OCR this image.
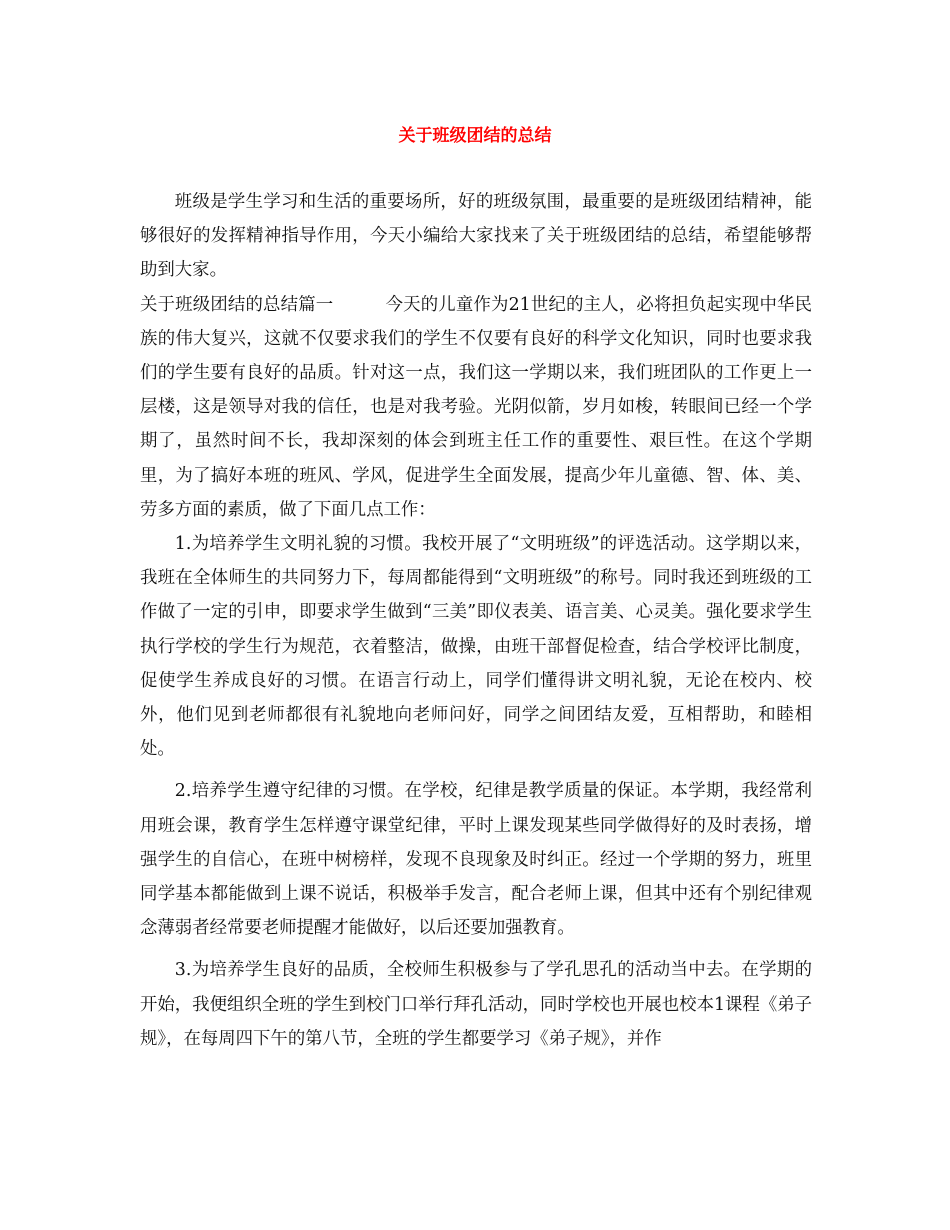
关于班级团结的总结

班级是学生学习和生活的重要场所，好的班级氛围，最重要的是班级团结精神，能够很好的发挥精神指导作用，今天小编给大家找来了关于班级团结的总结，希望能够帮助到大家。

关于班级团结的总结篇一	今天的儿童作为21世纪的主人，必将担负起实现中华民族的伟大复兴，这就不仅要求我们的学生不仅要有良好的科学文化知识，同时也要求我们的学生要有良好的品质。针对这一点，我们这一学期以来，我们班团队的工作更上一层楼，这是领导对我的信任，也是对我考验。光阴似箭，岁月如梭，转眼间已经一个学期了，虽然时间不长，我却深刻的体会到班主任工作的重要性、艰巨性。在这个学期里，为了搞好本班的班风、学风，促进学生全面发展，提高少年儿童德、智、体、美、劳多方面的素质，做了下面几点工作：

1.为培养学生文明礼貌的习惯。我校开展了“文明班级”的评选活动。这学期以来，我班在全体师生的共同努力下，每周都能得到“文明班级”的称号。同时我还到班级的工作做了一定的引申，即要求学生做到“三美”即仪表美、语言美、心灵美。强化要求学生执行学校的学生行为规范，衣着整洁，做操，由班干部督促检查，结合学校评比制度，促使学生养成良好的习惯。在语言行动上，同学们懂得讲文明礼貌，无论在校内、校外，他们见到老师都很有礼貌地向老师问好，同学之间团结友爱，互相帮助，和睦相处。

2.培养学生遵守纪律的习惯。在学校，纪律是教学质量的保证。本学期，我经常利用班会课，教育学生怎样遵守课堂纪律，平时上课发现某些同学做得好的及时表扬，增强学生的自信心，在班中树榜样，发现不良现象及时纠正。经过一个学期的努力，班里同学基本都能做到上课不说话，积极举手发言，配合老师上课，但其中还有个别纪律观念薄弱者经常要老师提醒才能做好，以后还要加强教育。

3.为培养学生良好的品质，全校师生积极参与了学孔思孔的活动当中去。在学期的开始，我便组织全班的学生到校门口举行拜孔活动，同时学校也开展也校本1课程《弟子规》，在每周四下午的第八节，全班的学生都要学习《弟子规》，并作
